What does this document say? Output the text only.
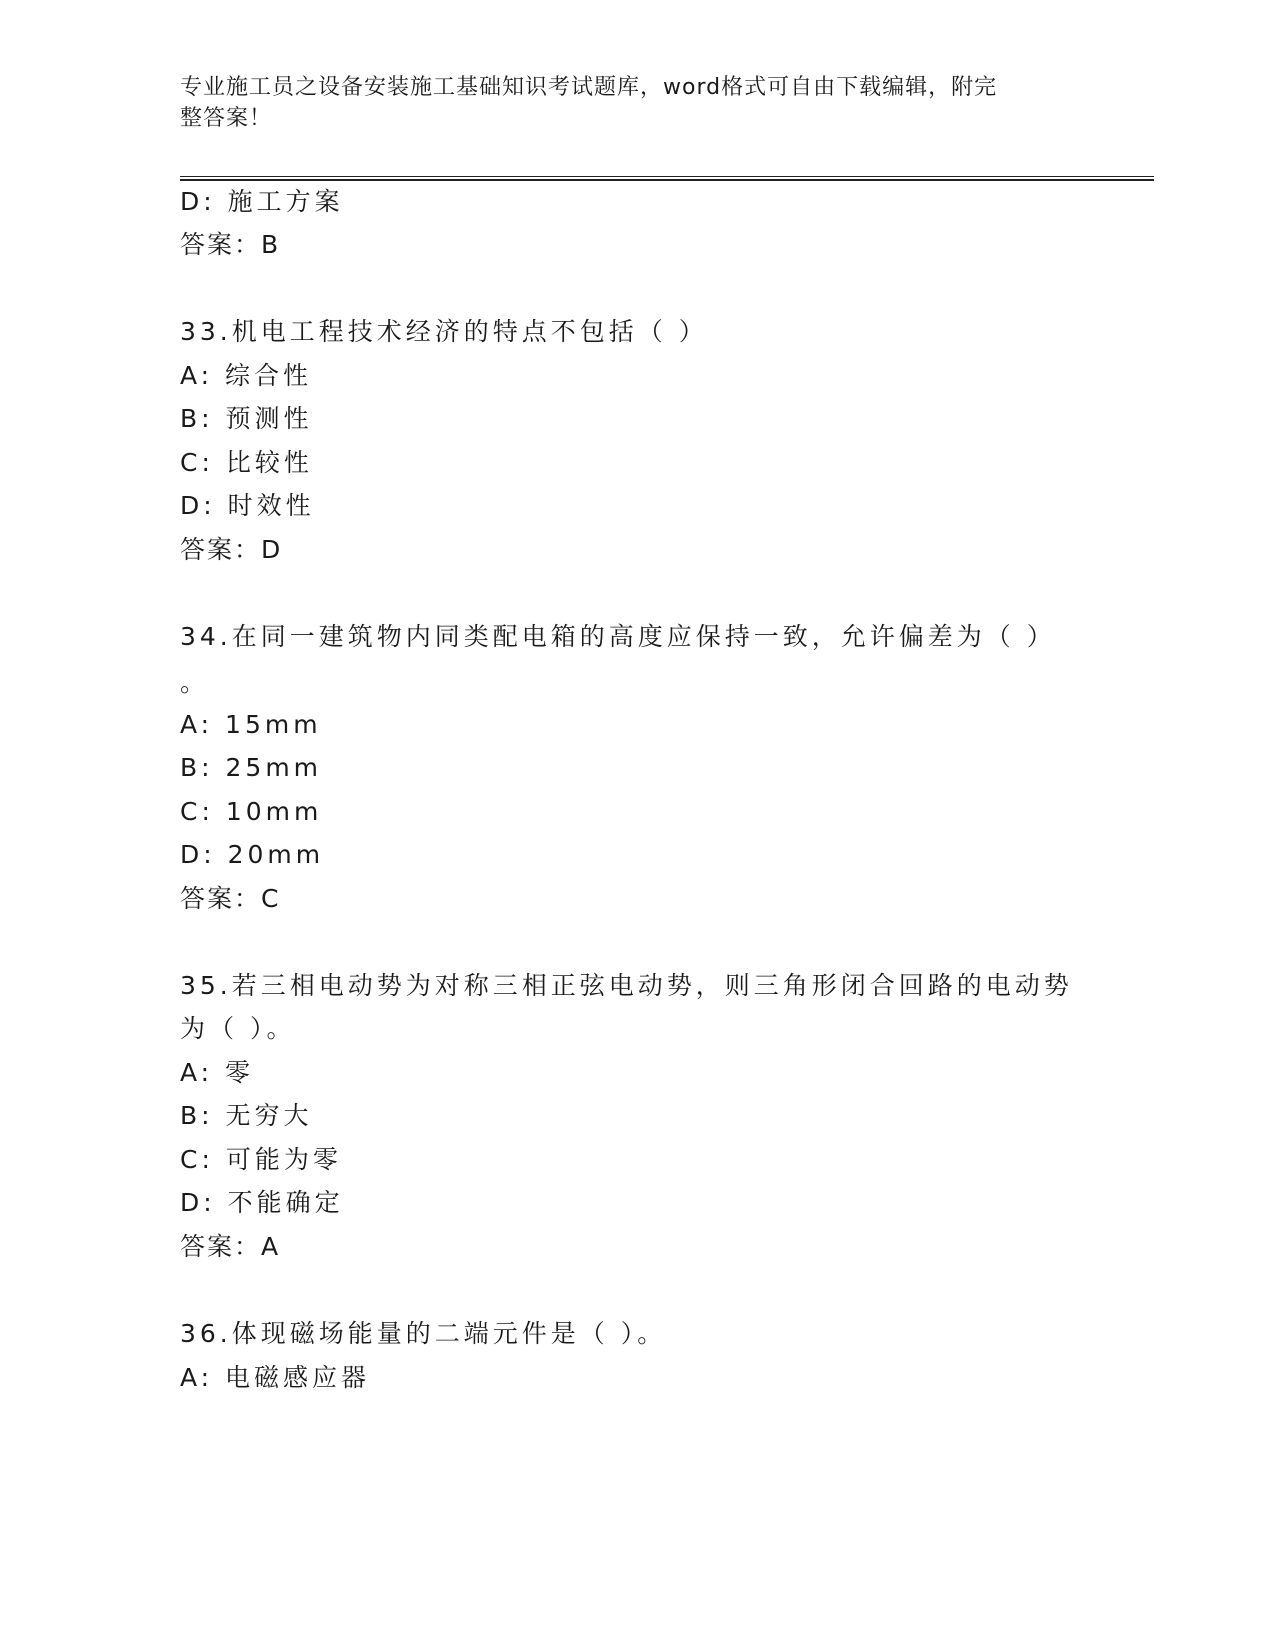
专业施工员之设备安装施工基础知识考试题库，word格式可自由下载编辑，附完
整答案！
D: 施工方案
答案：B
33.机电工程技术经济的特点不包括（ ）
A: 综合性
B: 预测性
C: 比较性
D: 时效性
答案：D
34.在同一建筑物内同类配电箱的高度应保持一致，允许偏差为（ ）
。
A: 15mm
B: 25mm
C: 10mm
D: 20mm
答案：C
35.若三相电动势为对称三相正弦电动势，则三角形闭合回路的电动势
为（ ）。
A: 零
B: 无穷大
C: 可能为零
D: 不能确定
答案：A
36.体现磁场能量的二端元件是（ ）。
A: 电磁感应器
